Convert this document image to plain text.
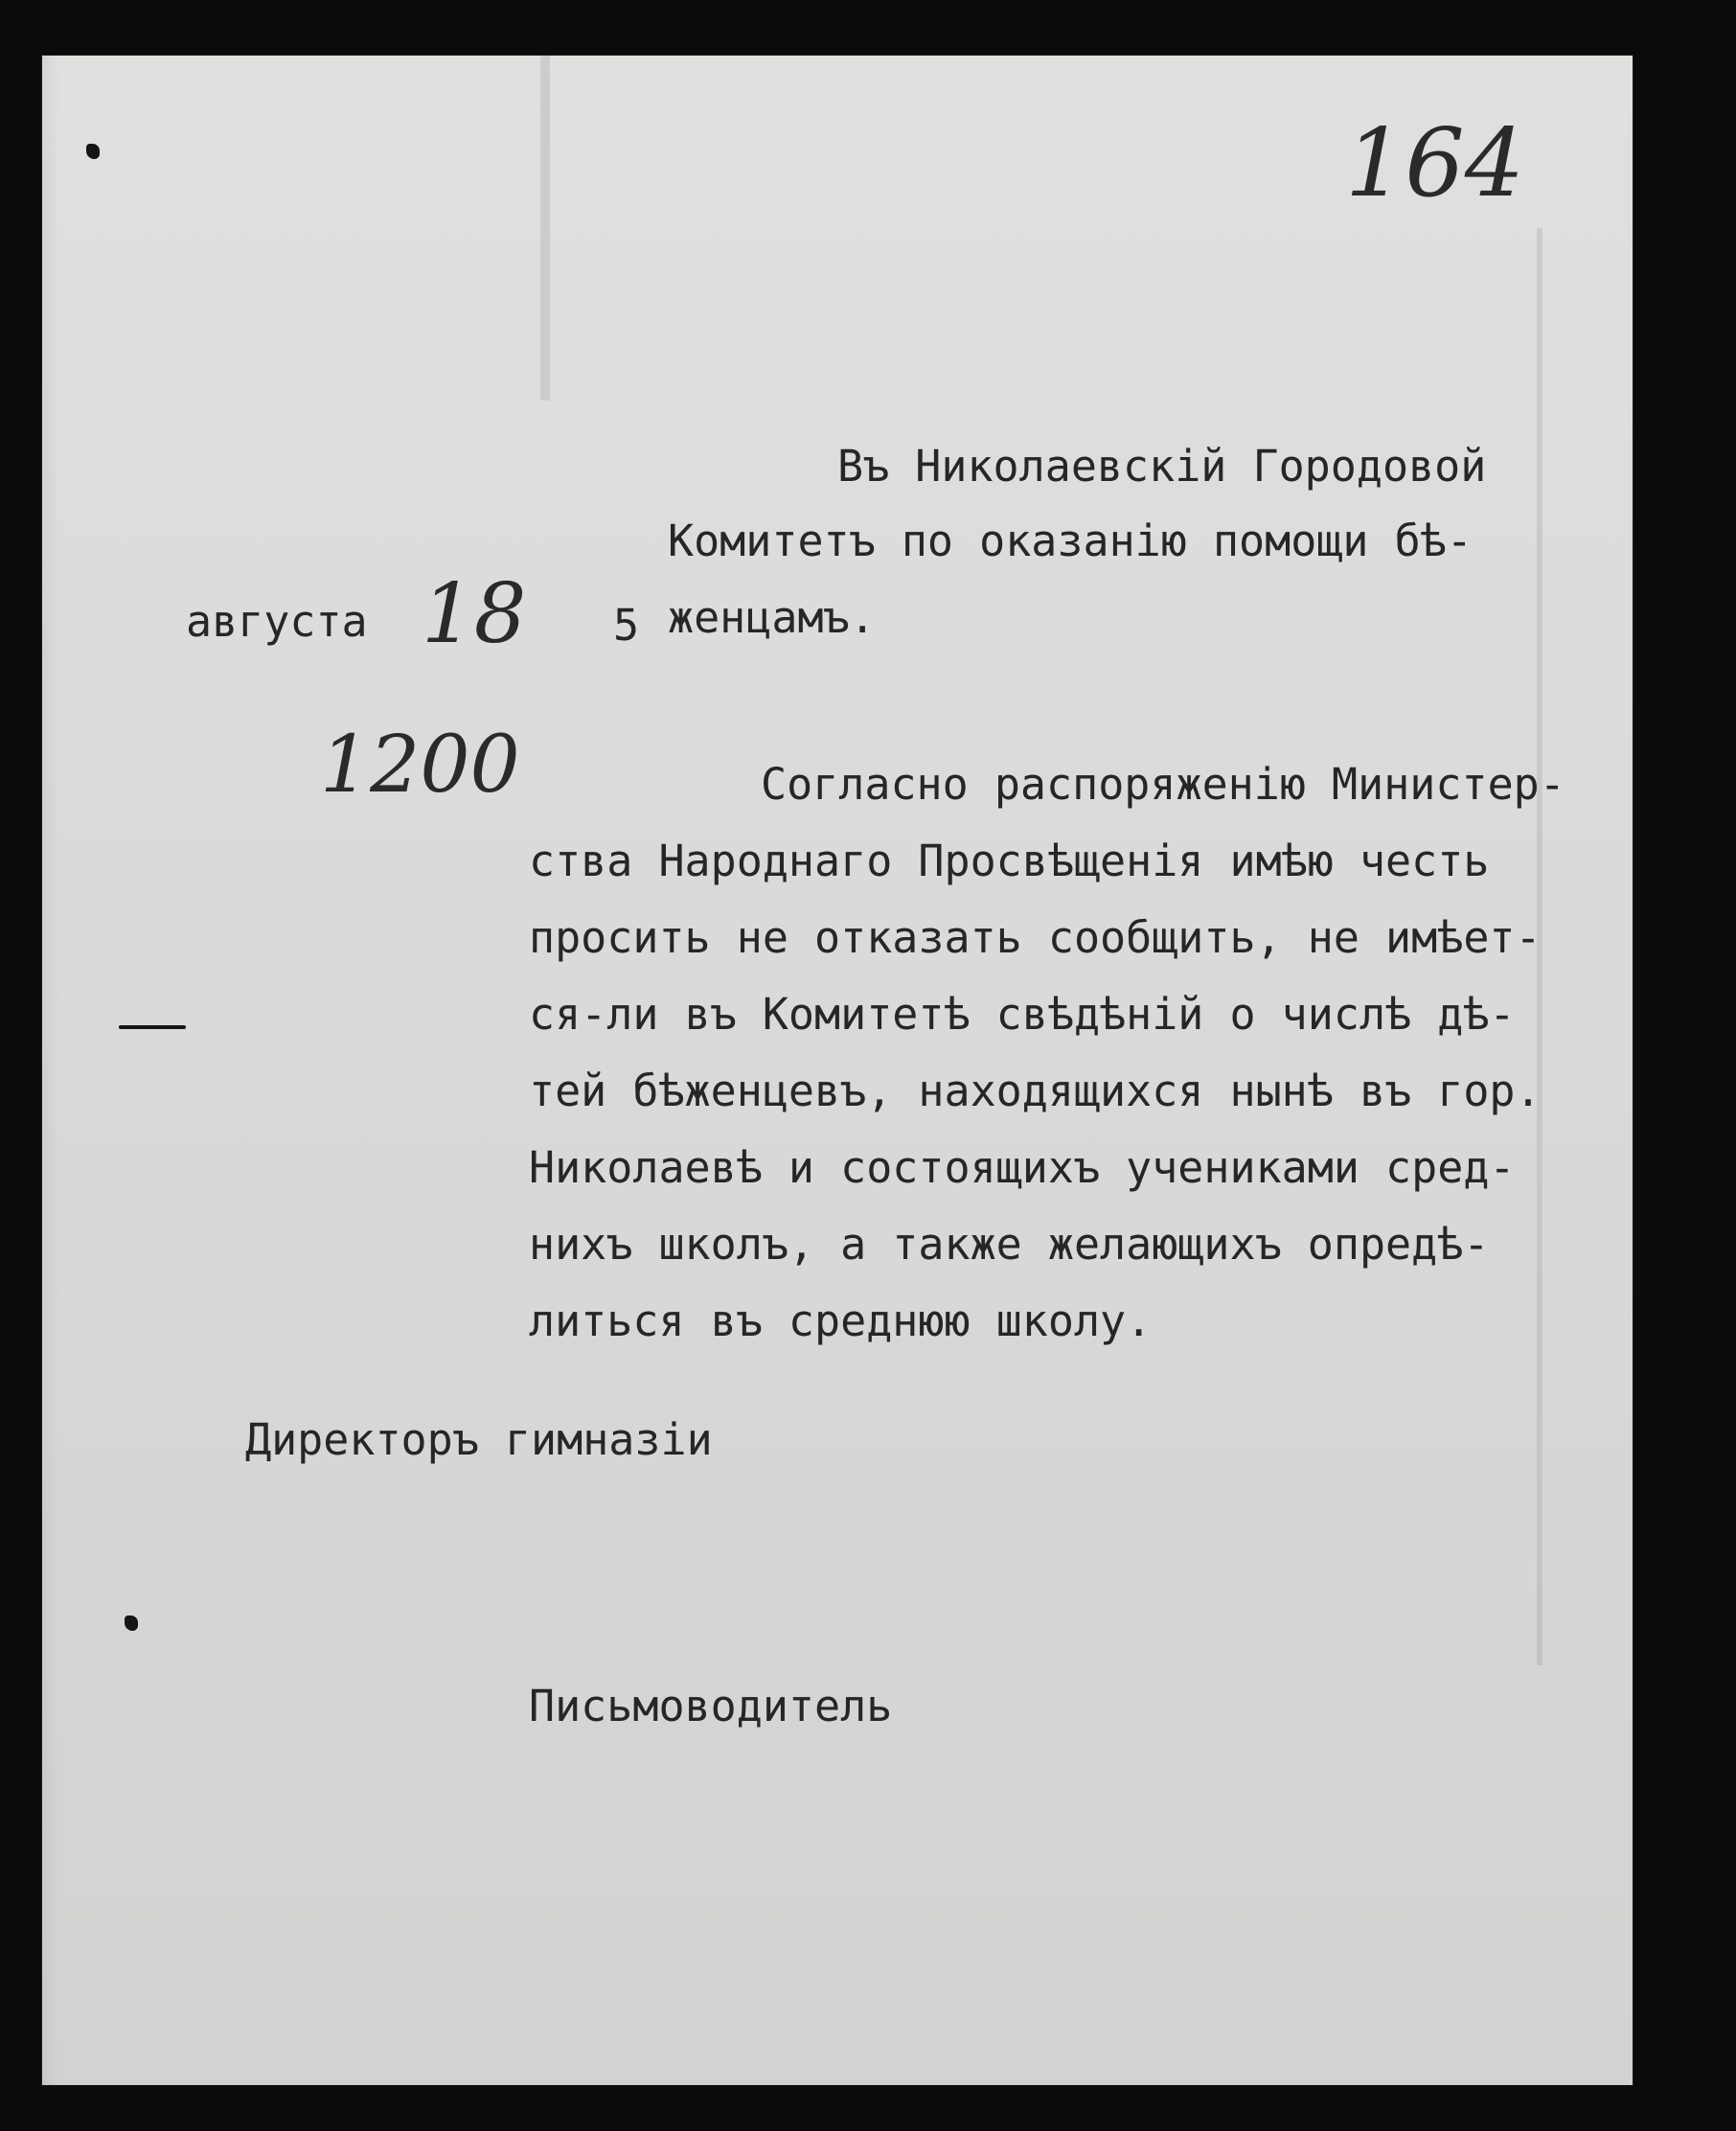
164

Въ Николаевскій Городовой

Комитетъ по оказанію помощи бѣ-

женцамъ.

августа 18 5
1200

	Согласно распоряженію Министер-

ства Народнаго Просвѣщенія имѣю честь

просить не отказать сообщить, не имѣет-

ся-ли въ Комитетѣ свѣдѣній о числѣ дѣ-

тей бѣженцевъ, находящихся нынѣ въ гор.

Николаевѣ и состоящихъ учениками сред-

нихъ школъ, а также желающихъ опредѣ-

литься въ среднюю школу.

Директоръ гимназіи
Письмоводитель
